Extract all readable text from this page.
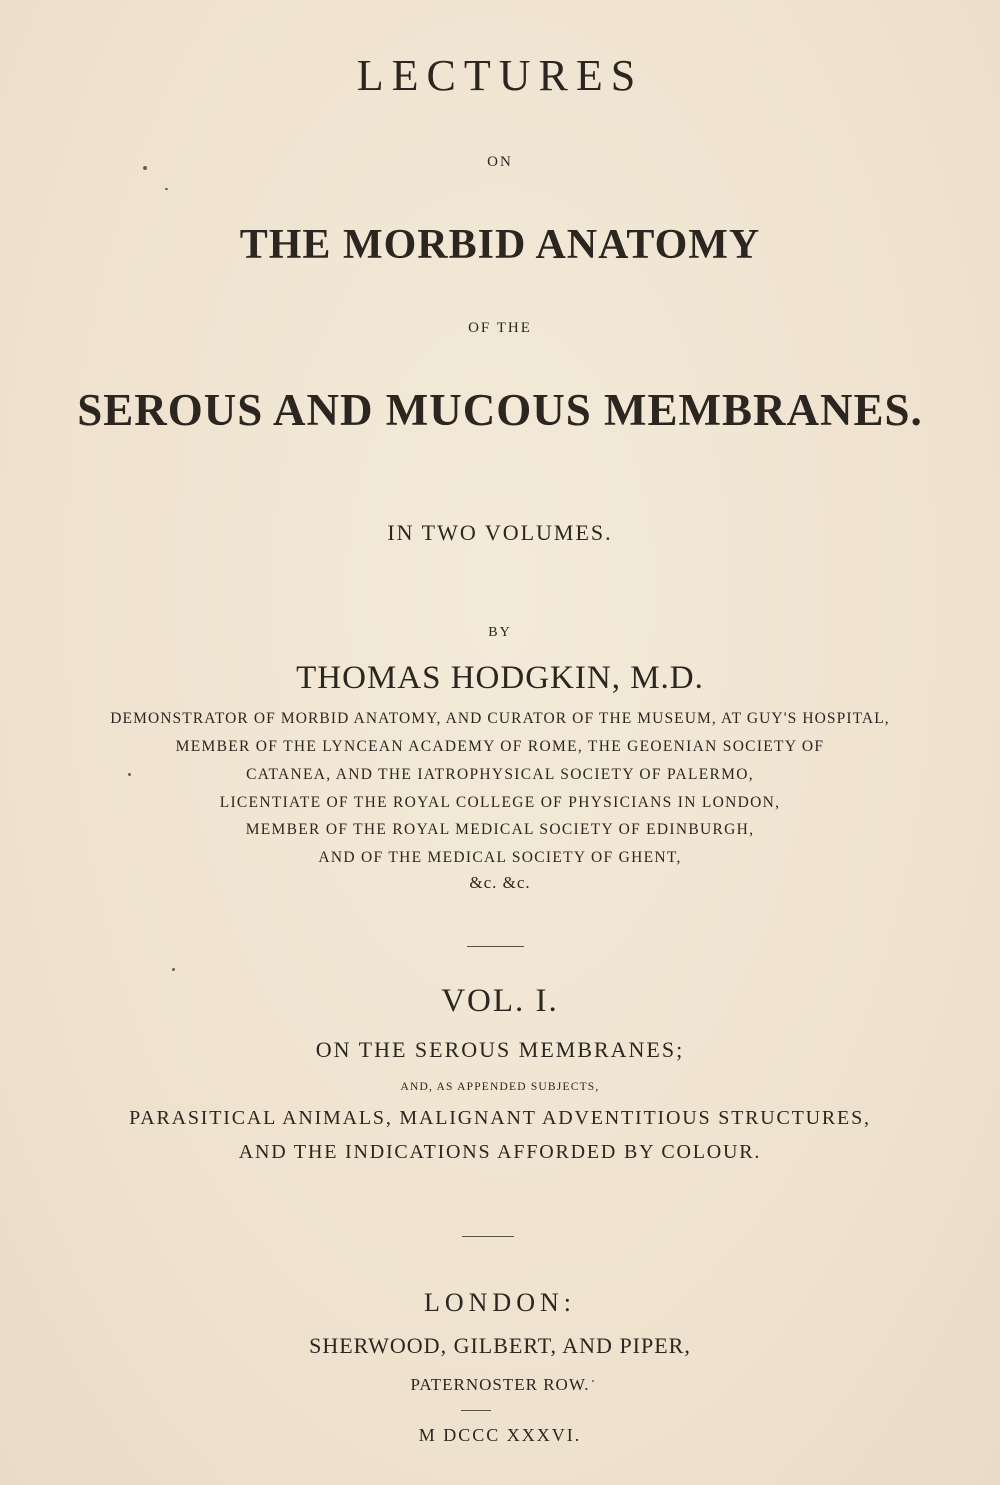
LECTURES
ON
THE MORBID ANATOMY
OF THE
SEROUS AND MUCOUS MEMBRANES.
IN TWO VOLUMES.
BY
THOMAS HODGKIN, M.D.
DEMONSTRATOR OF MORBID ANATOMY, AND CURATOR OF THE MUSEUM, AT GUY'S HOSPITAL,
MEMBER OF THE LYNCEAN ACADEMY OF ROME, THE GEOENIAN SOCIETY OF
CATANEA, AND THE IATROPHYSICAL SOCIETY OF PALERMO,
LICENTIATE OF THE ROYAL COLLEGE OF PHYSICIANS IN LONDON,
MEMBER OF THE ROYAL MEDICAL SOCIETY OF EDINBURGH,
AND OF THE MEDICAL SOCIETY OF GHENT,
&c. &c.
VOL. I.
ON THE SEROUS MEMBRANES;
AND, AS APPENDED SUBJECTS,
PARASITICAL ANIMALS, MALIGNANT ADVENTITIOUS STRUCTURES,
AND THE INDICATIONS AFFORDED BY COLOUR.
LONDON:
SHERWOOD, GILBERT, AND PIPER,
PATERNOSTER ROW.
M DCCC XXXVI.
